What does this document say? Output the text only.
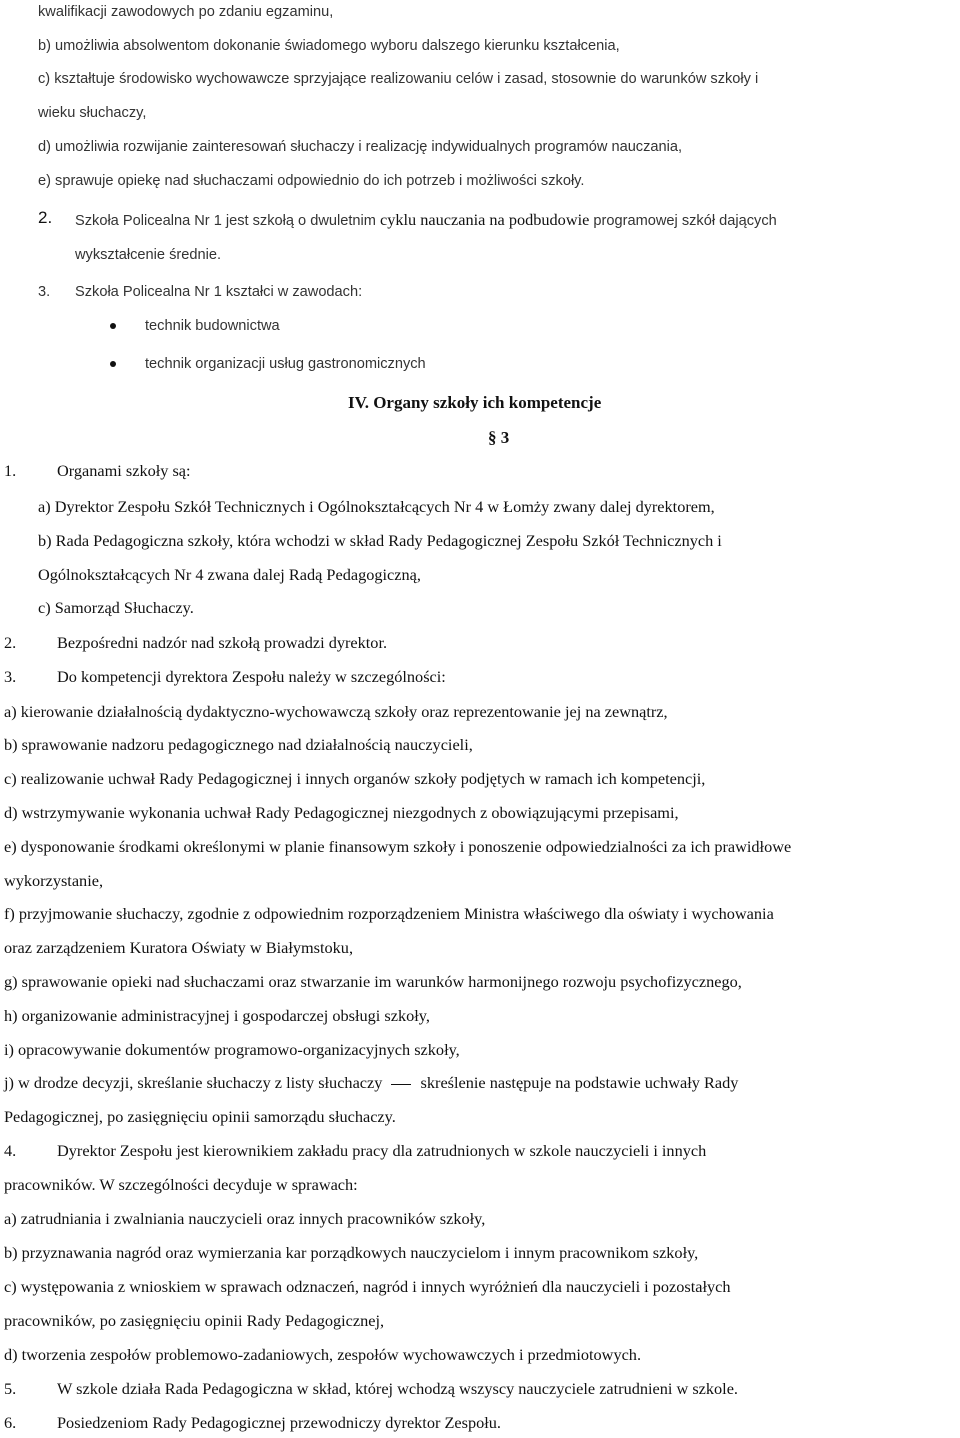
kwalifikacji zawodowych po zdaniu egzaminu,
b) umożliwia absolwentom dokonanie świadomego wyboru dalszego kierunku kształcenia,
c) kształtuje środowisko wychowawcze sprzyjające realizowaniu celów i zasad, stosownie do warunków szkoły i
wieku słuchaczy,
d) umożliwia rozwijanie zainteresowań słuchaczy i realizację indywidualnych programów nauczania,
e) sprawuje opiekę nad słuchaczami odpowiednio do ich potrzeb i możliwości szkoły.
2. Szkoła Policealna Nr 1 jest szkołą o dwuletnim cyklu nauczania na podbudowie programowej szkół dających
wykształcenie średnie.
3. Szkoła Policealna Nr 1 kształci w zawodach:
technik budownictwa
technik organizacji usług gastronomicznych
IV. Organy szkoły ich kompetencje
§ 3
1.	Organami szkoły są:
a) Dyrektor Zespołu Szkół Technicznych i Ogólnokształcących Nr 4 w Łomży zwany dalej dyrektorem,
b) Rada Pedagogiczna szkoły, która wchodzi w skład Rady Pedagogicznej Zespołu Szkół Technicznych i
Ogólnokształcących Nr 4 zwana dalej Radą Pedagogiczną,
c) Samorząd Słuchaczy.
2.	Bezpośredni nadzór nad szkołą prowadzi dyrektor.
3.	Do kompetencji dyrektora Zespołu należy w szczególności:
a) kierowanie działalnością dydaktyczno-wychowawczą szkoły oraz reprezentowanie jej na zewnątrz,
b) sprawowanie nadzoru pedagogicznego nad działalnością nauczycieli,
c) realizowanie uchwał Rady Pedagogicznej i innych organów szkoły podjętych w ramach ich kompetencji,
d) wstrzymywanie wykonania uchwał Rady Pedagogicznej niezgodnych z obowiązującymi przepisami,
e) dysponowanie środkami określonymi w planie finansowym szkoły i ponoszenie odpowiedzialności za ich prawidłowe
wykorzystanie,
f) przyjmowanie słuchaczy, zgodnie z odpowiednim rozporządzeniem Ministra właściwego dla oświaty i wychowania
oraz zarządzeniem Kuratora Oświaty w Białymstoku,
g) sprawowanie opieki nad słuchaczami oraz stwarzanie im warunków harmonijnego rozwoju psychofizycznego,
h) organizowanie administracyjnej i gospodarczej obsługi szkoły,
i) opracowywanie dokumentów programowo-organizacyjnych szkoły,
j) w drodze decyzji, skreślanie słuchaczy z listy słuchaczy skreślenie następuje na podstawie uchwały Rady
Pedagogicznej, po zasięgnięciu opinii samorządu słuchaczy.
4.	Dyrektor Zespołu jest kierownikiem zakładu pracy dla zatrudnionych w szkole nauczycieli i innych
pracowników. W szczególności decyduje w sprawach:
a) zatrudniania i zwalniania nauczycieli oraz innych pracowników szkoły,
b) przyznawania nagród oraz wymierzania kar porządkowych nauczycielom i innym pracownikom szkoły,
c) występowania z wnioskiem w sprawach odznaczeń, nagród i innych wyróżnień dla nauczycieli i pozostałych
pracowników, po zasięgnięciu opinii Rady Pedagogicznej,
d) tworzenia zespołów problemowo-zadaniowych, zespołów wychowawczych i przedmiotowych.
5.	W szkole działa Rada Pedagogiczna w skład, której wchodzą wszyscy nauczyciele zatrudnieni w szkole.
6.	Posiedzeniom Rady Pedagogicznej przewodniczy dyrektor Zespołu.
